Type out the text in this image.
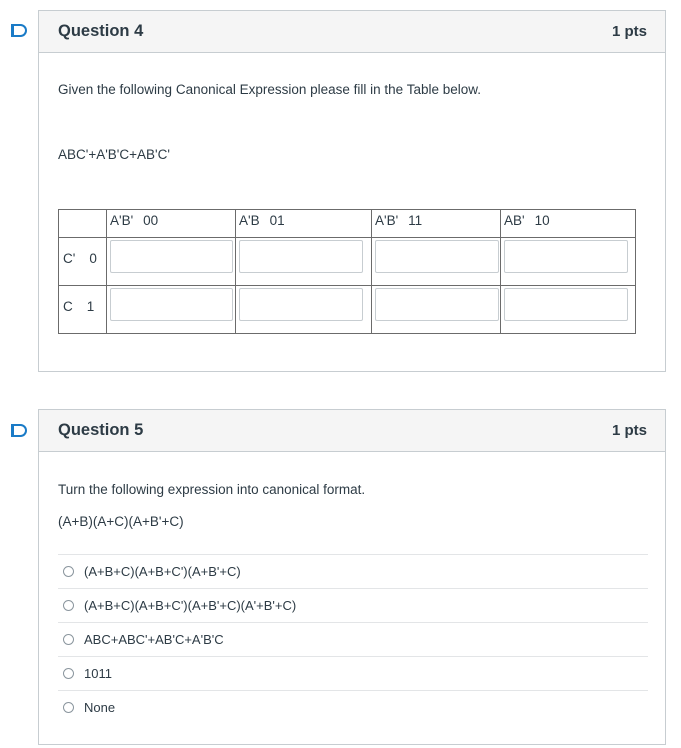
Question 4	1 pts
Given the following Canonical Expression please fill in the Table below.
ABC'+A'B'C+AB'C'
	A'B' 00	A'B 01	A'B' 11	AB' 10
C' 0	

C 1	

Question 5	1 pts
Turn the following expression into canonical format.
(A+B)(A+C)(A+B'+C)
(A+B+C)(A+B+C')(A+B'+C)
(A+B+C)(A+B+C')(A+B'+C)(A'+B'+C)
ABC+ABC'+AB'C+A'B'C
1011
None
